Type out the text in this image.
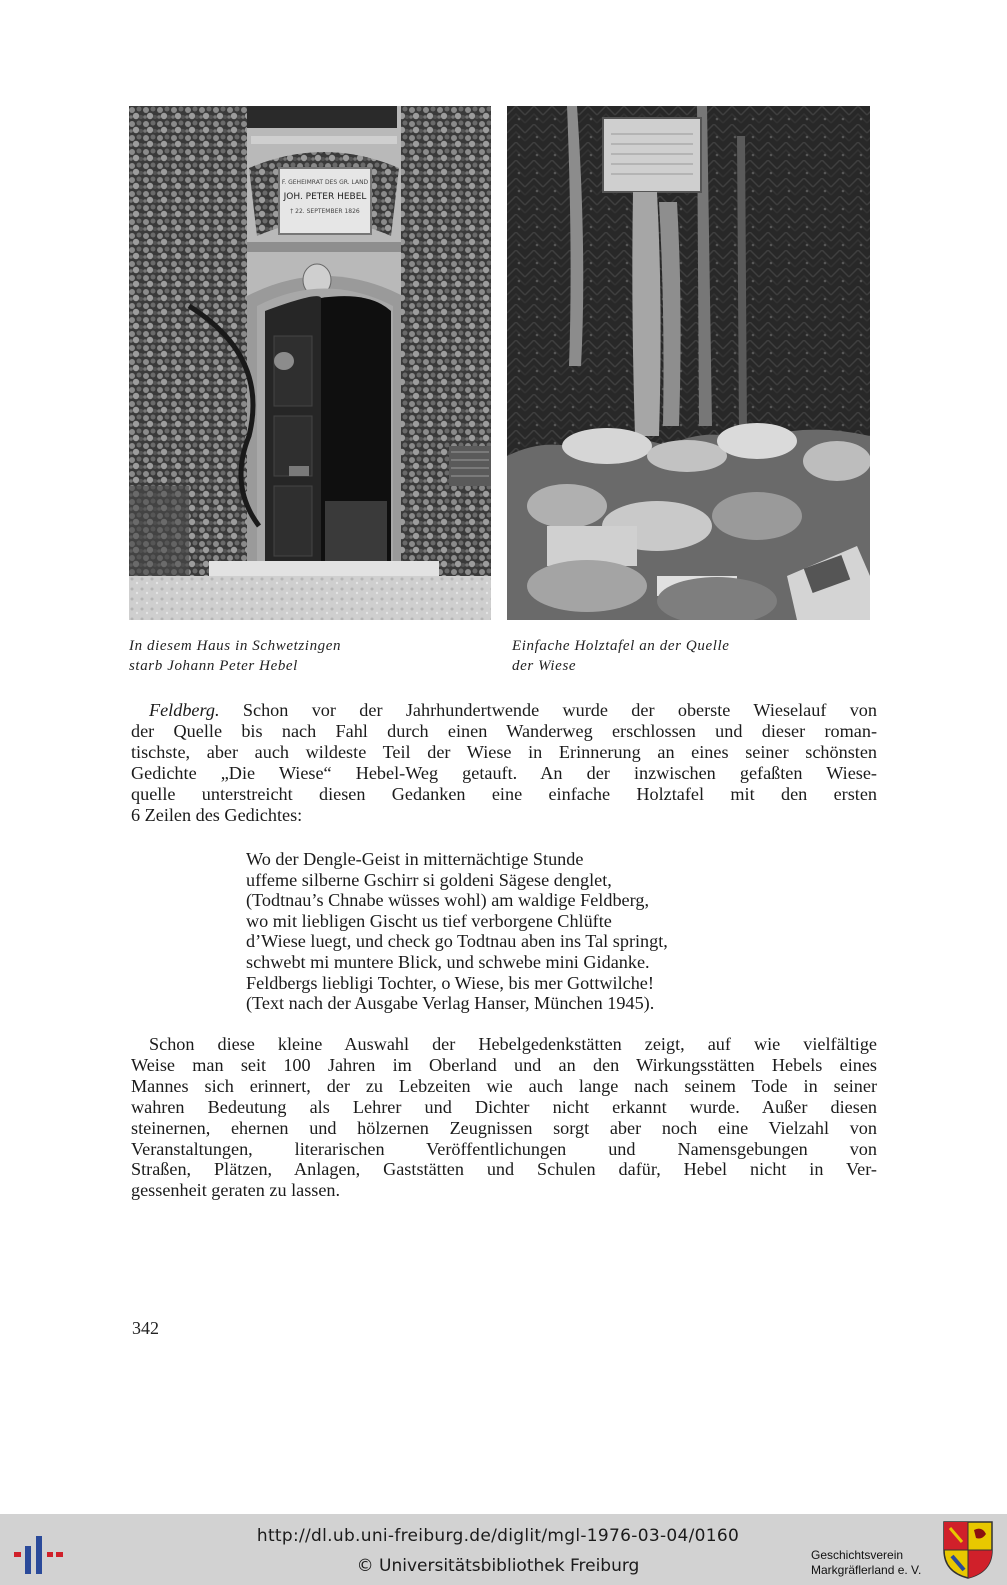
F. GEHEIMRAT DES GR. LAND
JOH. PETER HEBEL
† 22. SEPTEMBER 1826
In diesem Haus in Schwetzingen
starb Johann Peter Hebel
Einfache Holztafel an der Quelle
der Wiese
Feldberg. Schon vor der Jahrhundertwende wurde der oberste Wieselauf von
der Quelle bis nach Fahl durch einen Wanderweg erschlossen und dieser roman-
tischste, aber auch wildeste Teil der Wiese in Erinnerung an eines seiner schönsten
Gedichte „Die Wiese“ Hebel-Weg getauft. An der inzwischen gefaßten Wiese-
quelle unterstreicht diesen Gedanken eine einfache Holztafel mit den ersten
6 Zeilen des Gedichtes:
Wo der Dengle-Geist in mitternächtige Stunde
uffeme silberne Gschirr si goldeni Sägese denglet,
(Todtnau’s Chnabe wüsses wohl) am waldige Feldberg,
wo mit liebligen Gischt us tief verborgene Chlüfte
d’Wiese luegt, und check go Todtnau aben ins Tal springt,
schwebt mi muntere Blick, und schwebe mini Gidanke.
Feldbergs liebligi Tochter, o Wiese, bis mer Gottwilche!
(Text nach der Ausgabe Verlag Hanser, München 1945).
Schon diese kleine Auswahl der Hebelgedenkstätten zeigt, auf wie vielfältige
Weise man seit 100 Jahren im Oberland und an den Wirkungsstätten Hebels eines
Mannes sich erinnert, der zu Lebzeiten wie auch lange nach seinem Tode in seiner
wahren Bedeutung als Lehrer und Dichter nicht erkannt wurde. Außer diesen
steinernen, ehernen und hölzernen Zeugnissen sorgt aber noch eine Vielzahl von
Veranstaltungen, literarischen Veröffentlichungen und Namensgebungen von
Straßen, Plätzen, Anlagen, Gaststätten und Schulen dafür, Hebel nicht in Ver-
gessenheit geraten zu lassen.
342
http://dl.ub.uni-freiburg.de/diglit/mgl-1976-03-04/0160
© Universitätsbibliothek Freiburg
Geschichtsverein
Markgräflerland e. V.
